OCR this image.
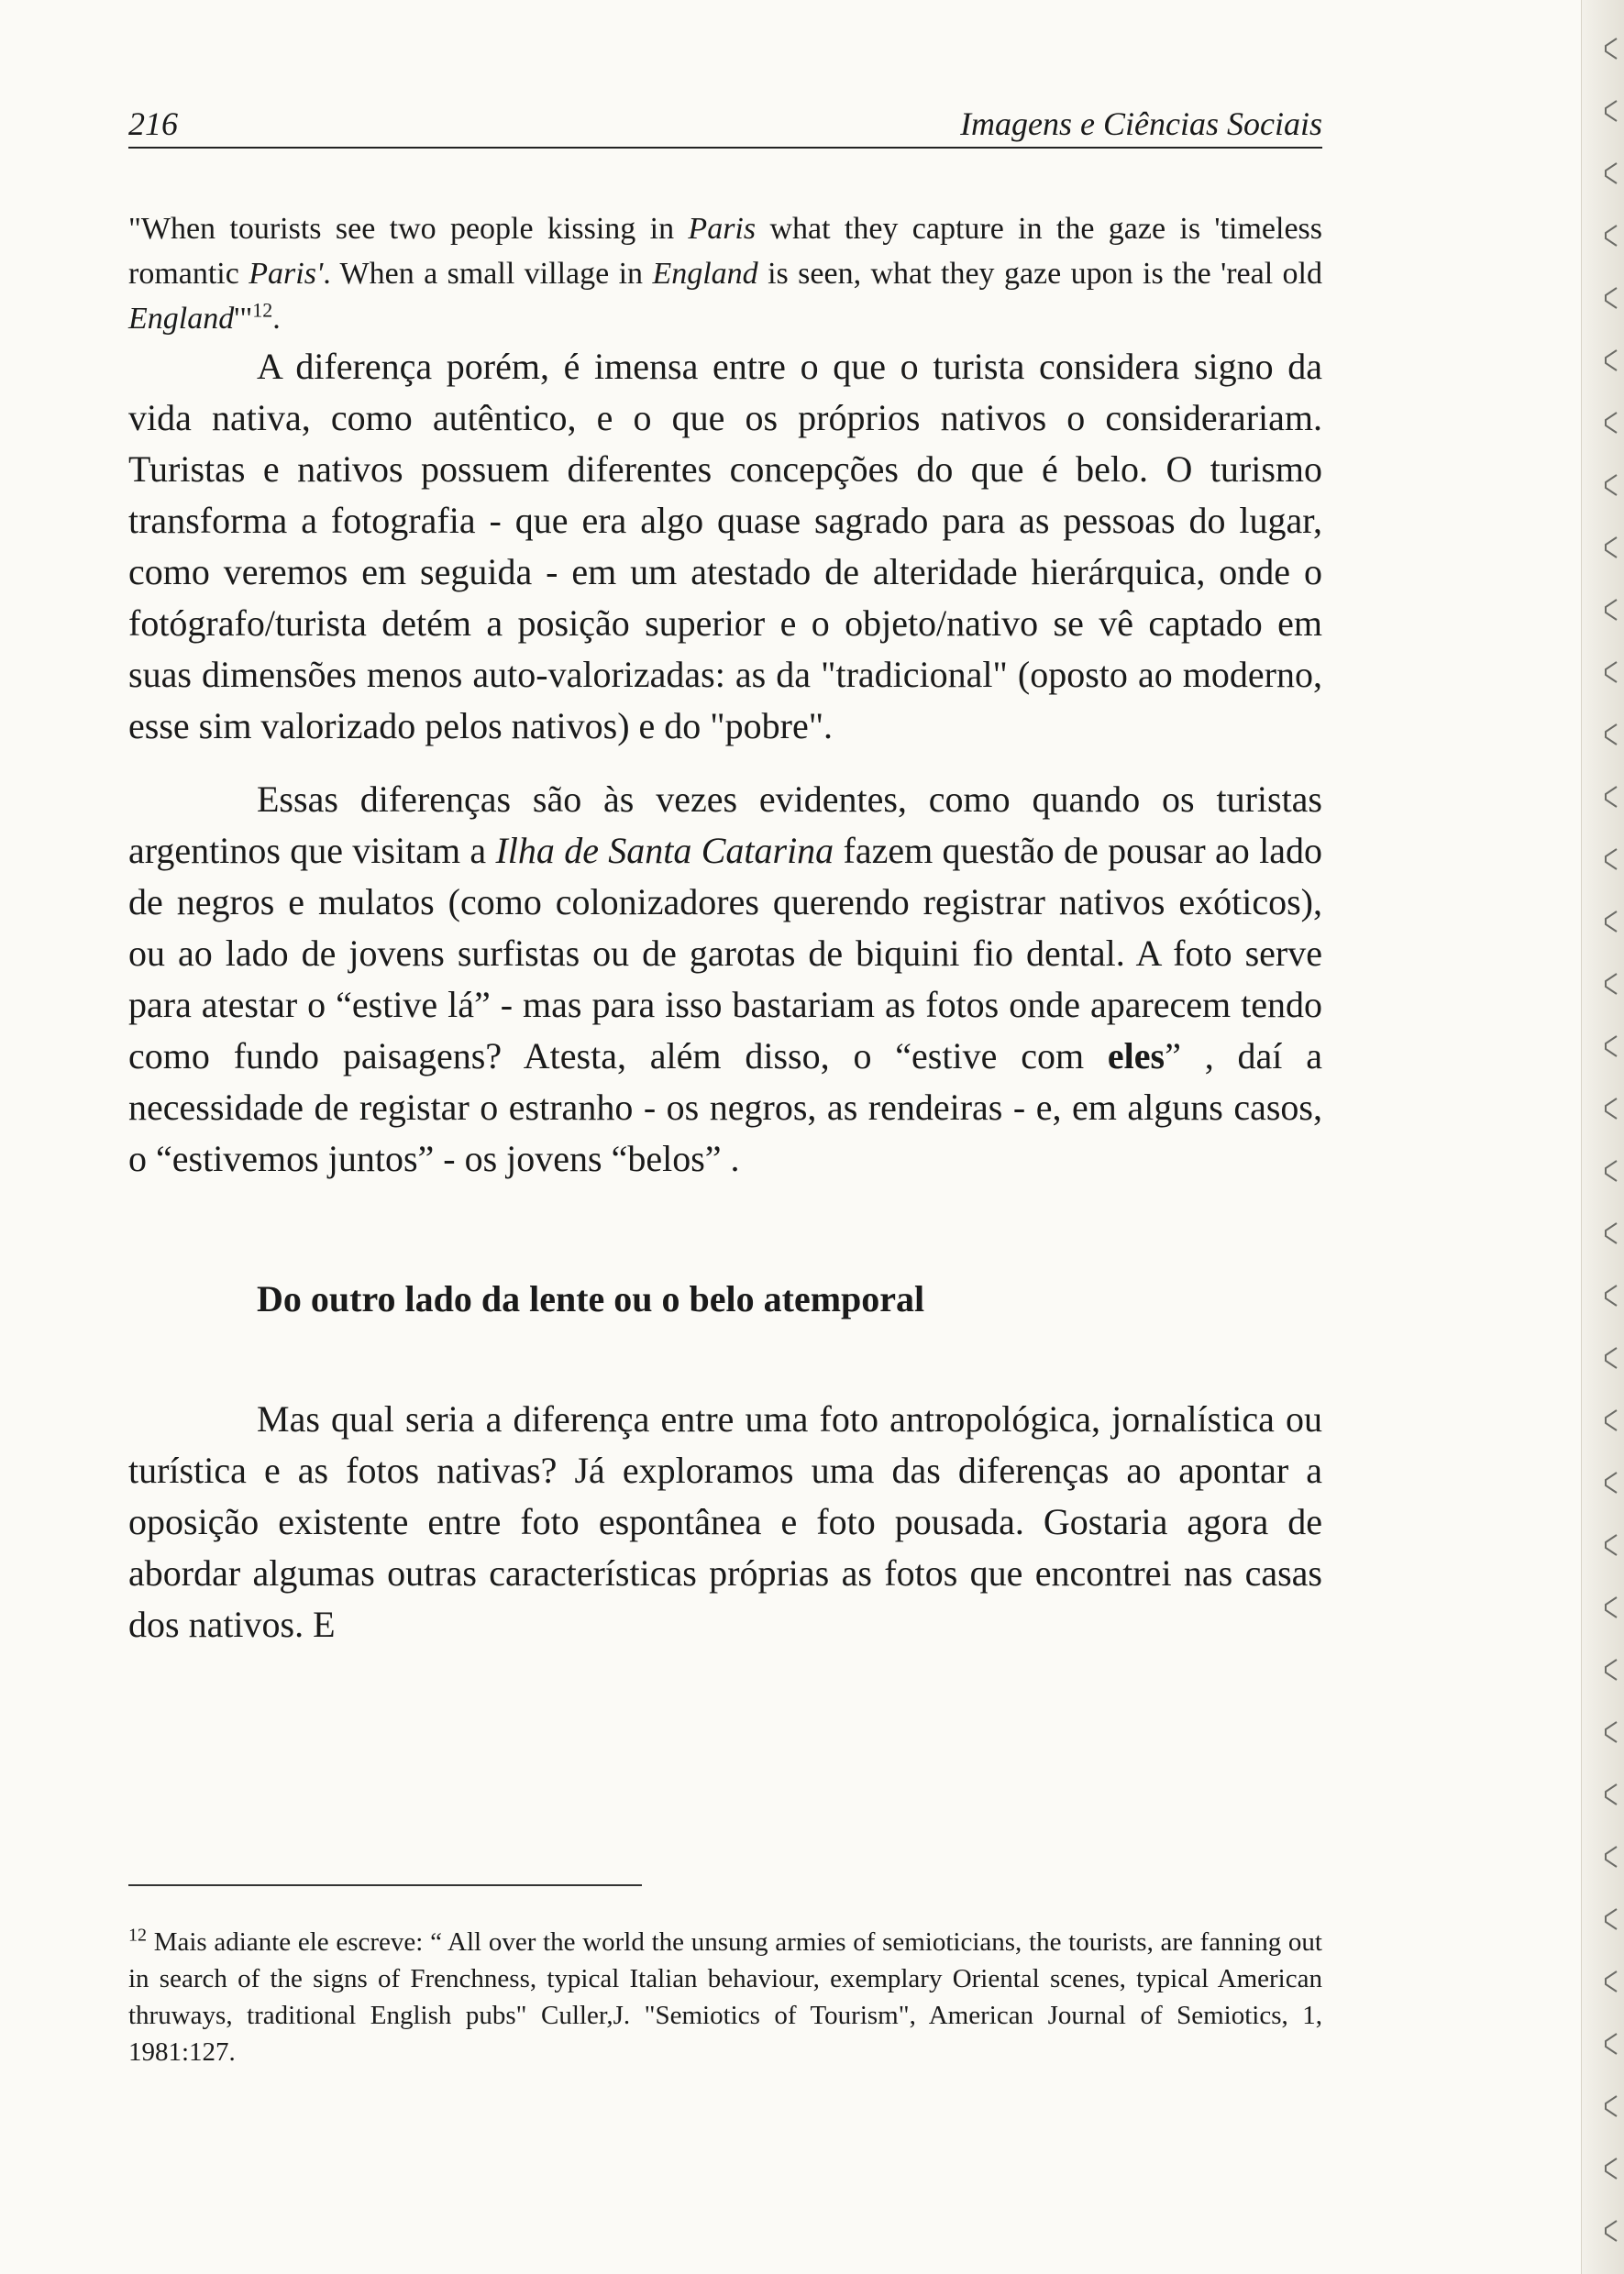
216	Imagens e Ciências Sociais

"When tourists see two people kissing in Paris what they capture in the gaze is 'timeless romantic Paris'. When a small village in England is seen, what they gaze upon is the 'real old England'"$^{12}$.

A diferença porém, é imensa entre o que o turista considera signo da vida nativa, como autêntico, e o que os próprios nativos o considerariam. Turistas e nativos possuem diferentes concepções do que é belo. O turismo transforma a fotografia - que era algo quase sagrado para as pessoas do lugar, como veremos em seguida - em um atestado de alteridade hierárquica, onde o fotógrafo/turista detém a posição superior e o objeto/nativo se vê captado em suas dimensões menos auto-valorizadas: as da "tradicional" (oposto ao moderno, esse sim valorizado pelos nativos) e do "pobre".

Essas diferenças são às vezes evidentes, como quando os turistas argentinos que visitam a Ilha de Santa Catarina fazem questão de pousar ao lado de negros e mulatos (como colonizadores querendo registrar nativos exóticos), ou ao lado de jovens surfistas ou de garotas de biquini fio dental. A foto serve para atestar o “estive lá” - mas para isso bastariam as fotos onde aparecem tendo como fundo paisagens? Atesta, além disso, o “estive com eles” , daí a necessidade de registar o estranho - os negros, as rendeiras - e, em alguns casos, o “estivemos juntos” - os jovens “belos” .

Do outro lado da lente ou o belo atemporal

Mas qual seria a diferença entre uma foto antropológica, jornalística ou turística e as fotos nativas? Já exploramos uma das diferenças ao apontar a oposição existente entre foto espontânea e foto pousada. Gostaria agora de abordar algumas outras características próprias as fotos que encontrei nas casas dos nativos. E

$^{12}$ Mais adiante ele escreve: “ All over the world the unsung armies of semioticians, the tourists, are fanning out in search of the signs of Frenchness, typical Italian behaviour, exemplary Oriental scenes, typical American thruways, traditional English pubs" Culler,J. "Semiotics of Tourism", American Journal of Semiotics, 1, 1981:127.
